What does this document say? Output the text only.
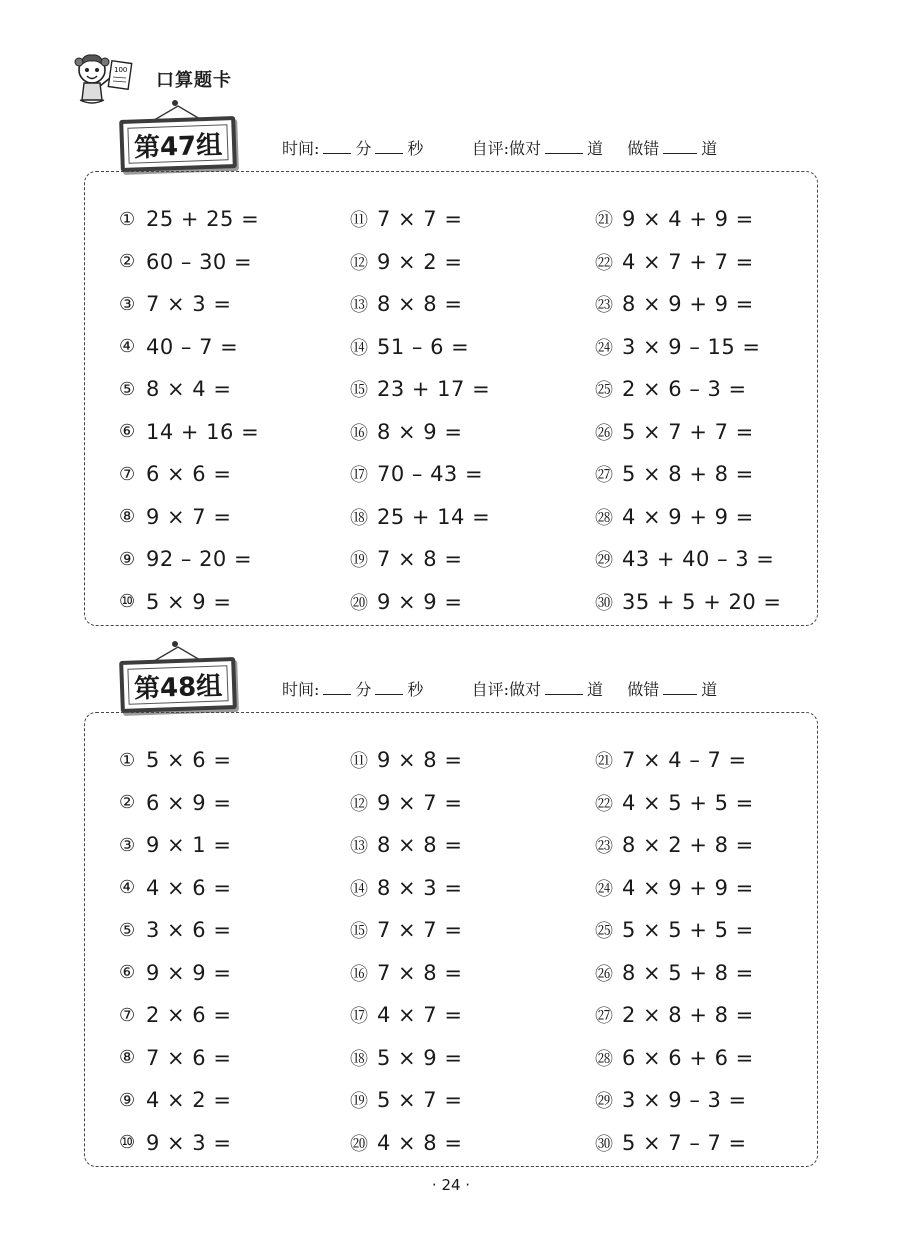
100 口算题卡
第47组	时间: 分 秒	自评:做对	道 做错	道
① 25 + 25 =
② 60 – 30 =
③ 7 × 3 =
④ 40 – 7 =
⑤ 8 × 4 =
⑥ 14 + 16 =
⑦ 6 × 6 =
⑧ 9 × 7 =
⑨ 92 – 20 =
⑩ 5 × 9 =
⑪ 7 × 7 =
⑫ 9 × 2 =
⑬ 8 × 8 =
⑭ 51 – 6 =
⑮ 23 + 17 =
⑯ 8 × 9 =
⑰ 70 – 43 =
⑱ 25 + 14 =
⑲ 7 × 8 =
⑳ 9 × 9 =
㉑ 9 × 4 + 9 =
㉒ 4 × 7 + 7 =
㉓ 8 × 9 + 9 =
㉔ 3 × 9 – 15 =
㉕ 2 × 6 – 3 =
㉖ 5 × 7 + 7 =
㉗ 5 × 8 + 8 =
㉘ 4 × 9 + 9 =
㉙ 43 + 40 – 3 =
㉚ 35 + 5 + 20 =
第48组	时间: 分 秒	自评:做对	道 做错	道
① 5 × 6 =
② 6 × 9 =
③ 9 × 1 =
④ 4 × 6 =
⑤ 3 × 6 =
⑥ 9 × 9 =
⑦ 2 × 6 =
⑧ 7 × 6 =
⑨ 4 × 2 =
⑩ 9 × 3 =
⑪ 9 × 8 =
⑫ 9 × 7 =
⑬ 8 × 8 =
⑭ 8 × 3 =
⑮ 7 × 7 =
⑯ 7 × 8 =
⑰ 4 × 7 =
⑱ 5 × 9 =
⑲ 5 × 7 =
⑳ 4 × 8 =
㉑ 7 × 4 – 7 =
㉒ 4 × 5 + 5 =
㉓ 8 × 2 + 8 =
㉔ 4 × 9 + 9 =
㉕ 5 × 5 + 5 =
㉖ 8 × 5 + 8 =
㉗ 2 × 8 + 8 =
㉘ 6 × 6 + 6 =
㉙ 3 × 9 – 3 =
㉚ 5 × 7 – 7 =
· 24 ·
